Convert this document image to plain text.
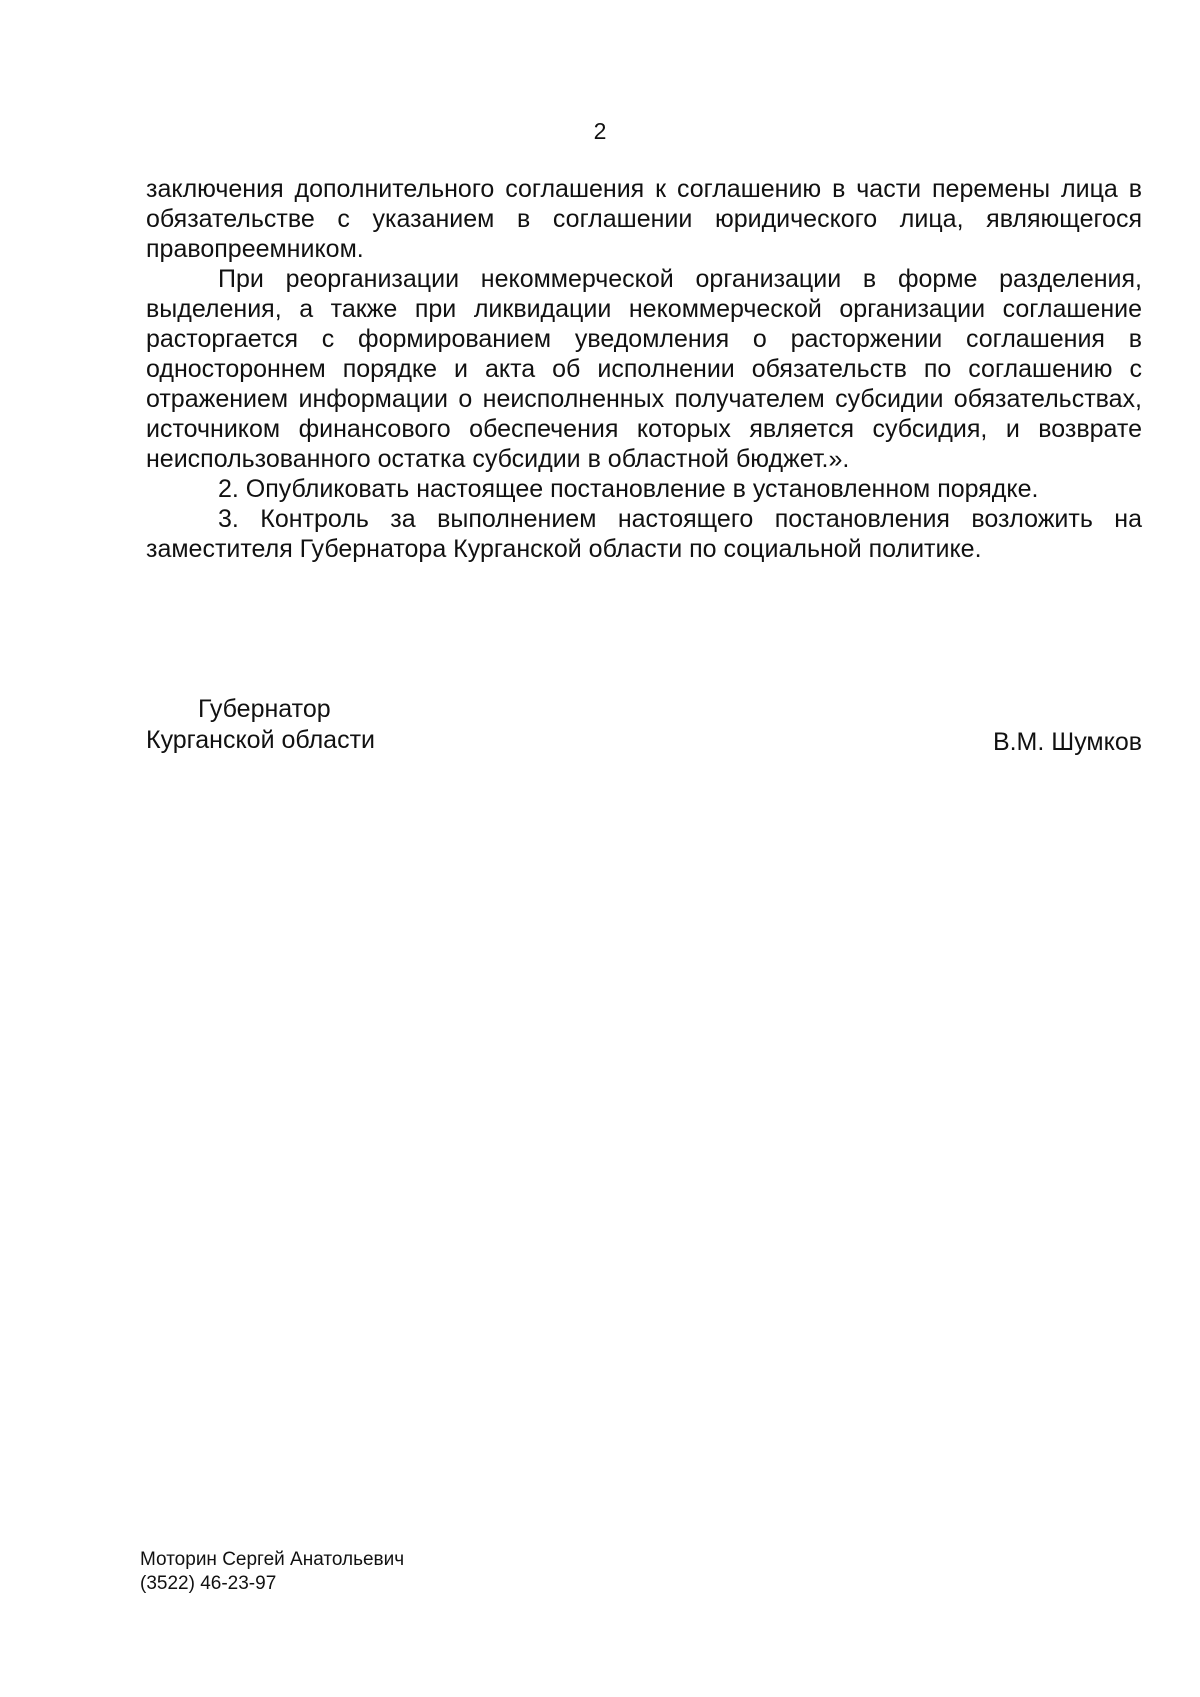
2

заключения дополнительного соглашения к соглашению в части перемены лица в обязательстве с указанием в соглашении юридического лица, являющегося правопреемником.

При реорганизации некоммерческой организации в форме разделения, выделения, а также при ликвидации некоммерческой организации соглашение расторгается с формированием уведомления о расторжении соглашения в одностороннем порядке и акта об исполнении обязательств по соглашению с отражением информации о неисполненных получателем субсидии обязательствах, источником финансового обеспечения которых является субсидия, и возврате неиспользованного остатка субсидии в областной бюджет.».

2. Опубликовать настоящее постановление в установленном порядке.

3. Контроль за выполнением настоящего постановления возложить на заместителя Губернатора Курганской области по социальной политике.

Губернатор
Курганской области	В.М. Шумков
Моторин Сергей Анатольевич
(3522) 46-23-97
